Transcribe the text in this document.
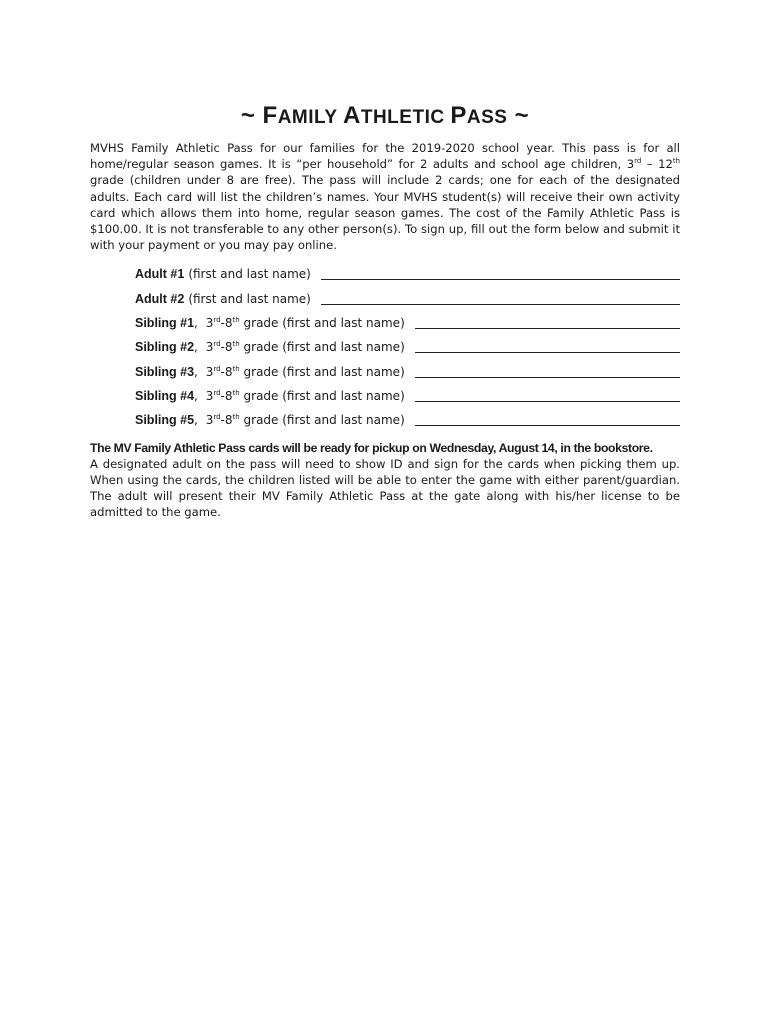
~ FAMILY ATHLETIC PASS ~

MVHS Family Athletic Pass for our families for the 2019-2020 school year. This pass is for all home/regular season games. It is “per household” for 2 adults and school age children, 3rd – 12th grade (children under 8 are free). The pass will include 2 cards; one for each of the designated adults. Each card will list the children’s names. Your MVHS student(s) will receive their own activity card which allows them into home, regular season games. The cost of the Family Athletic Pass is $100.00. It is not transferable to any other person(s). To sign up, fill out the form below and submit it with your payment or you may pay online.

Adult #1 (first and last name)
Adult #2 (first and last name)
Sibling #1 , 3rd-8th grade (first and last name)
Sibling #2 , 3rd-8th grade (first and last name)
Sibling #3 , 3rd-8th grade (first and last name)
Sibling #4 , 3rd-8th grade (first and last name)
Sibling #5 , 3rd-8th grade (first and last name)
The MV Family Athletic Pass cards will be ready for pickup on Wednesday, August 14, in the bookstore.

A designated adult on the pass will need to show ID and sign for the cards when picking them up. When using the cards, the children listed will be able to enter the game with either parent/guardian. The adult will present their MV Family Athletic Pass at the gate along with his/her license to be admitted to the game.
